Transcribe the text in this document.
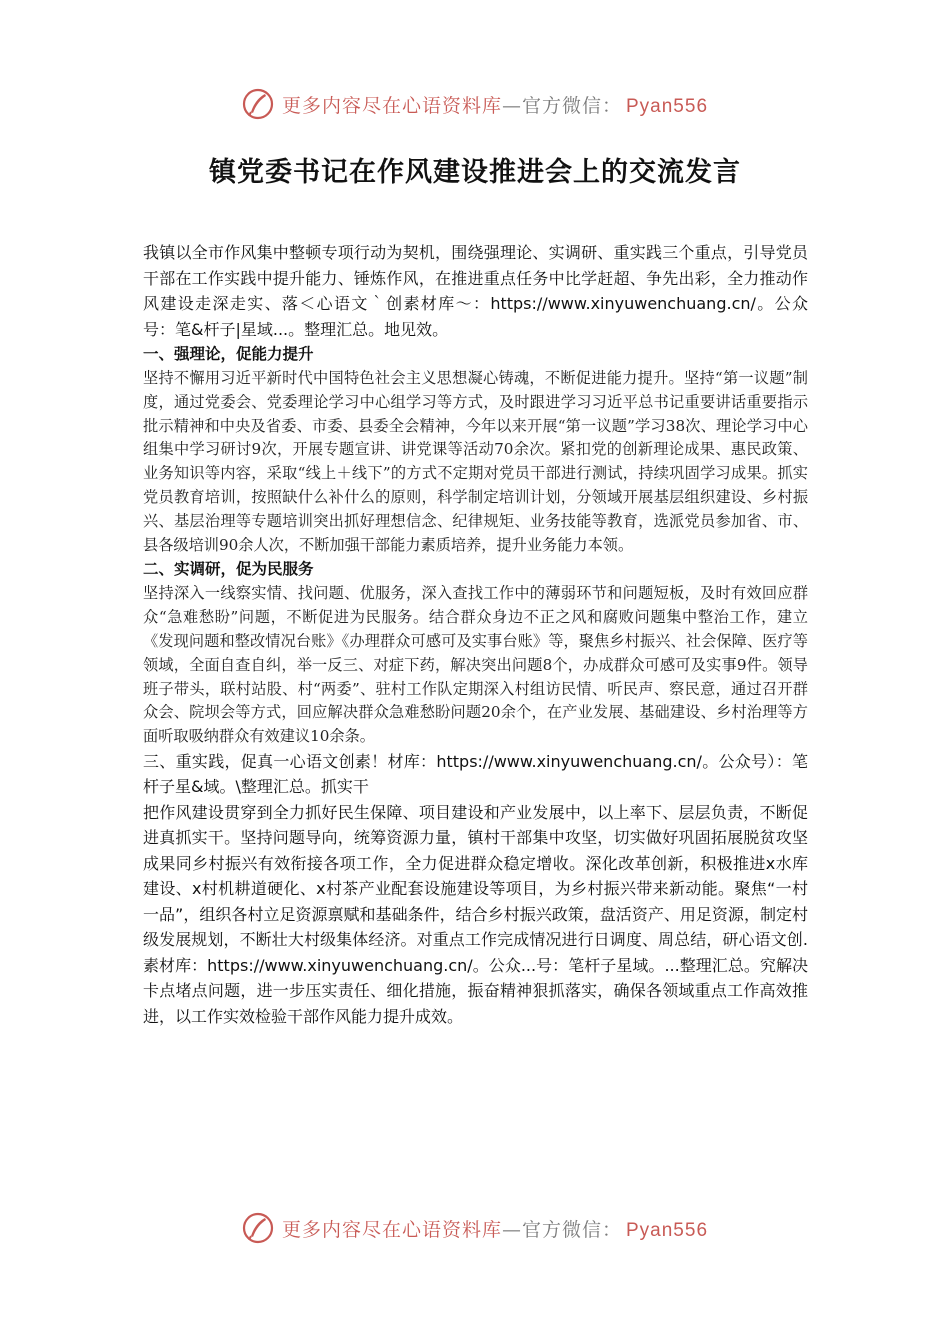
更多内容尽在心语资料库—官方微信： Pyan556
镇党委书记在作风建设推进会上的交流发言

我镇以全市作风集中整顿专项行动为契机，围绕强理论、实调研、重实践三个重点，引导党员干部在工作实践中提升能力、锤炼作风，在推进重点任务中比学赶超、争先出彩，全力推动作风建设走深走实、落＜心语文｀创素材库～：https://www.xinyuwenchuang.cn/。公众号：笔&杆子|星域...。整理汇总。地见效。

一、强理论，促能力提升

坚持不懈用习近平新时代中国特色社会主义思想凝心铸魂，不断促进能力提升。坚持“第一议题”制度，通过党委会、党委理论学习中心组学习等方式，及时跟进学习习近平总书记重要讲话重要指示批示精神和中央及省委、市委、县委全会精神，今年以来开展“第一议题”学习38次、理论学习中心组集中学习研讨9次，开展专题宣讲、讲党课等活动70余次。紧扣党的创新理论成果、惠民政策、业务知识等内容，采取“线上＋线下”的方式不定期对党员干部进行测试，持续巩固学习成果。抓实党员教育培训，按照缺什么补什么的原则，科学制定培训计划，分领域开展基层组织建设、乡村振兴、基层治理等专题培训突出抓好理想信念、纪律规矩、业务技能等教育，选派党员参加省、市、县各级培训90余人次，不断加强干部能力素质培养，提升业务能力本领。

二、实调研，促为民服务

坚持深入一线察实情、找问题、优服务，深入查找工作中的薄弱环节和问题短板，及时有效回应群众“急难愁盼”问题，不断促进为民服务。结合群众身边不正之风和腐败问题集中整治工作，建立《发现问题和整改情况台账》《办理群众可感可及实事台账》等，聚焦乡村振兴、社会保障、医疗等领域，全面自查自纠，举一反三、对症下药，解决突出问题8个，办成群众可感可及实事9件。领导班子带头，联村站股、村“两委”、驻村工作队定期深入村组访民情、听民声、察民意，通过召开群众会、院坝会等方式，回应解决群众急难愁盼问题20余个，在产业发展、基础建设、乡村治理等方面听取吸纳群众有效建议10余条。

三、重实践，促真一心语文创素！材库：https://www.xinyuwenchuang.cn/。公众号）：笔杆子星&域。\整理汇总。抓实干

把作风建设贯穿到全力抓好民生保障、项目建设和产业发展中，以上率下、层层负责，不断促进真抓实干。坚持问题导向，统筹资源力量，镇村干部集中攻坚，切实做好巩固拓展脱贫攻坚成果同乡村振兴有效衔接各项工作，全力促进群众稳定增收。深化改革创新，积极推进x水库建设、x村机耕道硬化、x村茶产业配套设施建设等项目，为乡村振兴带来新动能。聚焦“一村一品”，组织各村立足资源禀赋和基础条件，结合乡村振兴政策，盘活资产、用足资源，制定村级发展规划，不断壮大村级集体经济。对重点工作完成情况进行日调度、周总结，研心语文创.素材库：https://www.xinyuwenchuang.cn/。公众...号：笔杆子星域。...整理汇总。究解决卡点堵点问题，进一步压实责任、细化措施，振奋精神狠抓落实，确保各领域重点工作高效推进，以工作实效检验干部作风能力提升成效。

更多内容尽在心语资料库—官方微信： Pyan556
